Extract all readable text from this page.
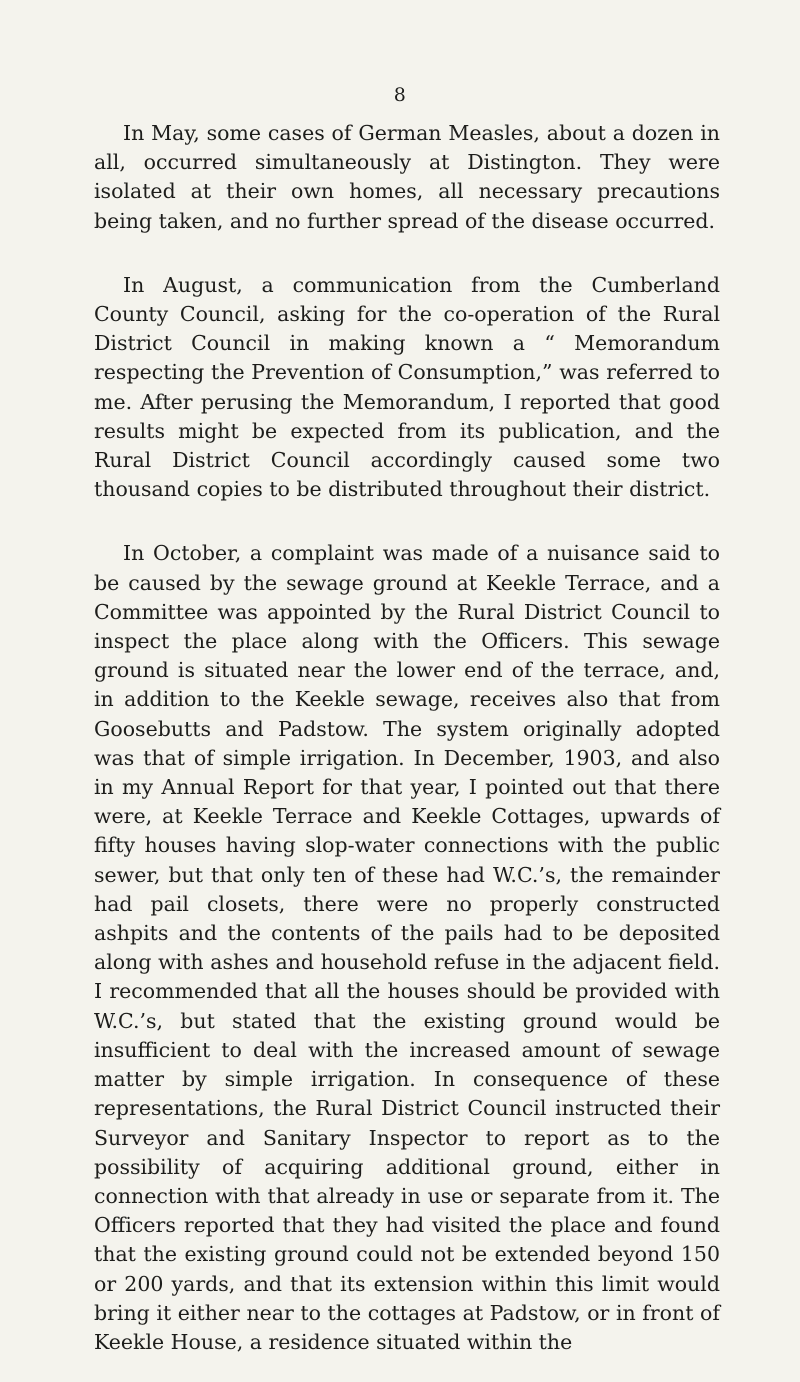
8

In May, some cases of German Measles, about a dozen in all, occurred simultaneously at Distington. They were isolated at their own homes, all necessary precautions being taken, and no further spread of the disease occurred.

In August, a communication from the Cumberland County Council, asking for the co-operation of the Rural District Council in making known a “ Memorandum respecting the Prevention of Consumption,” was referred to me. After perusing the Memorandum, I reported that good results might be expected from its publication, and the Rural District Council accordingly caused some two thousand copies to be distributed throughout their district.

In October, a complaint was made of a nuisance said to be caused by the sewage ground at Keekle Terrace, and a Committee was appointed by the Rural District Council to inspect the place along with the Officers. This sewage ground is situated near the lower end of the terrace, and, in addition to the Keekle sewage, receives also that from Goosebutts and Padstow. The system originally adopted was that of simple irrigation. In December, 1903, and also in my Annual Report for that year, I pointed out that there were, at Keekle Terrace and Keekle Cottages, upwards of fifty houses having slop-water connections with the public sewer, but that only ten of these had W.C.’s, the remainder had pail closets, there were no properly constructed ashpits and the contents of the pails had to be deposited along with ashes and household refuse in the adjacent field. I recommended that all the houses should be provided with W.C.’s, but stated that the existing ground would be insufficient to deal with the increased amount of sewage matter by simple irrigation. In consequence of these representations, the Rural District Council instructed their Surveyor and Sanitary Inspector to report as to the possibility of acquiring additional ground, either in connection with that already in use or separate from it. The Officers reported that they had visited the place and found that the existing ground could not be extended beyond 150 or 200 yards, and that its extension within this limit would bring it either near to the cottages at Padstow, or in front of Keekle House, a residence situated within the
